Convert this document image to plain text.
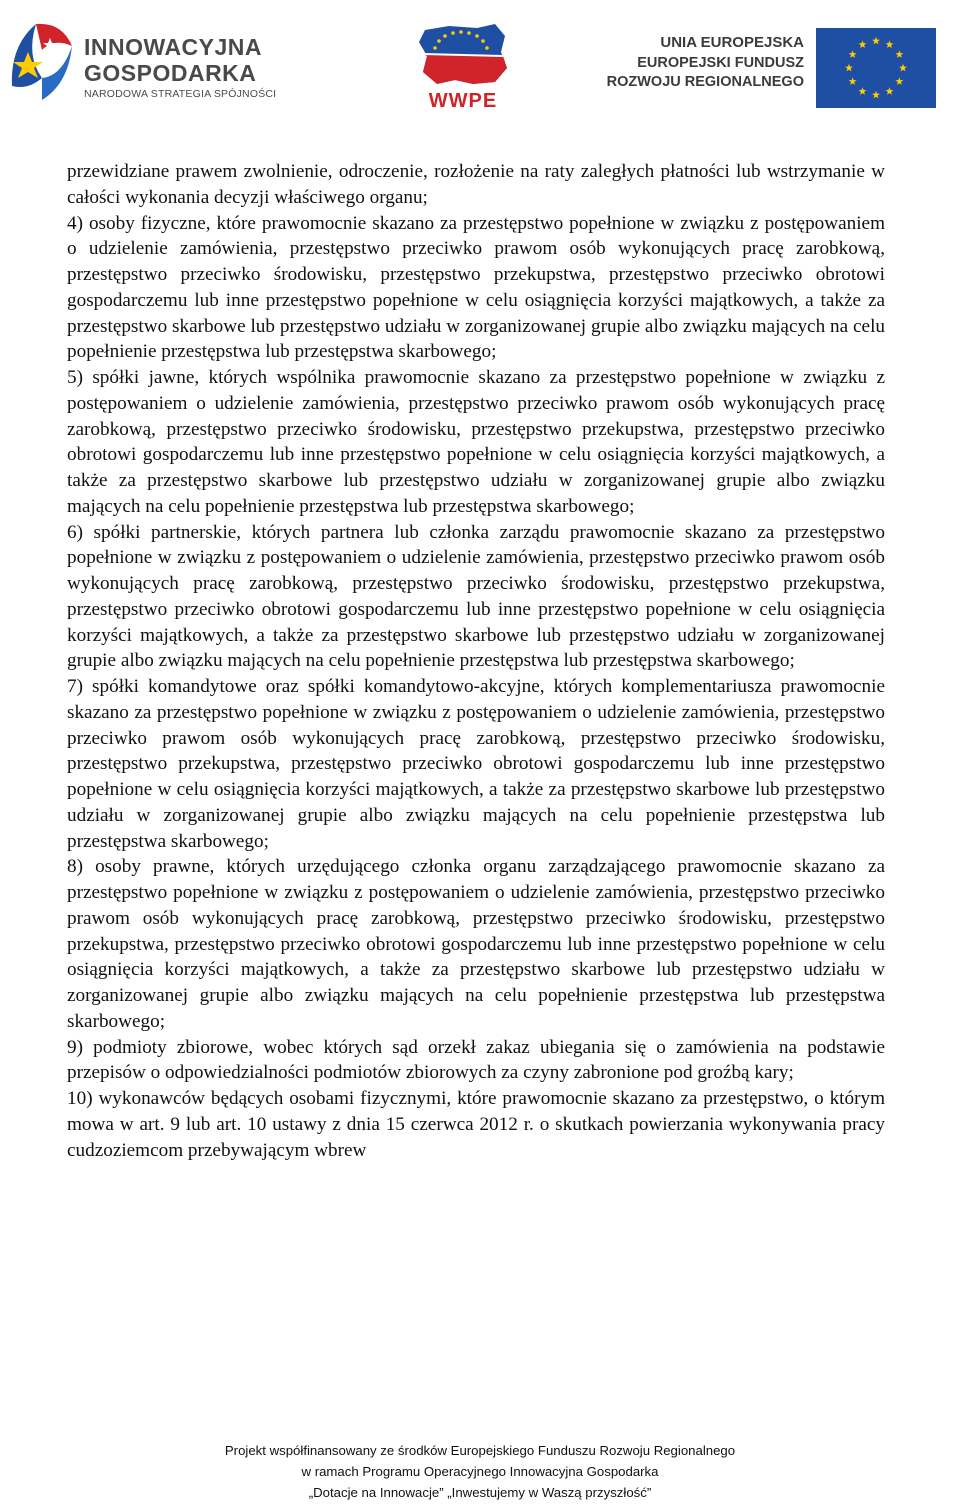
INNOWACYJNA
GOSPODARKA
NARODOWA STRATEGIA SPÓJNOŚCI	WWPE
UNIA EUROPEJSKA
EUROPEJSKI FUNDUSZ
ROZWOJU REGIONALNEGO

przewidziane prawem zwolnienie, odroczenie, rozłożenie na raty zaległych płatności lub wstrzymanie w całości wykonania decyzji właściwego organu;

4) osoby fizyczne, które prawomocnie skazano za przestępstwo popełnione w związku z postępowaniem o udzielenie zamówienia, przestępstwo przeciwko prawom osób wykonujących pracę zarobkową, przestępstwo przeciwko środowisku, przestępstwo przekupstwa, przestępstwo przeciwko obrotowi gospodarczemu lub inne przestępstwo popełnione w celu osiągnięcia korzyści majątkowych, a także za przestępstwo skarbowe lub przestępstwo udziału w zorganizowanej grupie albo związku mających na celu popełnienie przestępstwa lub przestępstwa skarbowego;

5) spółki jawne, których wspólnika prawomocnie skazano za przestępstwo popełnione w związku z postępowaniem o udzielenie zamówienia, przestępstwo przeciwko prawom osób wykonujących pracę zarobkową, przestępstwo przeciwko środowisku, przestępstwo przekupstwa, przestępstwo przeciwko obrotowi gospodarczemu lub inne przestępstwo popełnione w celu osiągnięcia korzyści majątkowych, a także za przestępstwo skarbowe lub przestępstwo udziału w zorganizowanej grupie albo związku mających na celu popełnienie przestępstwa lub przestępstwa skarbowego;

6) spółki partnerskie, których partnera lub członka zarządu prawomocnie skazano za przestępstwo popełnione w związku z postępowaniem o udzielenie zamówienia, przestępstwo przeciwko prawom osób wykonujących pracę zarobkową, przestępstwo przeciwko środowisku, przestępstwo przekupstwa, przestępstwo przeciwko obrotowi gospodarczemu lub inne przestępstwo popełnione w celu osiągnięcia korzyści majątkowych, a także za przestępstwo skarbowe lub przestępstwo udziału w zorganizowanej grupie albo związku mających na celu popełnienie przestępstwa lub przestępstwa skarbowego;

7) spółki komandytowe oraz spółki komandytowo-akcyjne, których komplementariusza prawomocnie skazano za przestępstwo popełnione w związku z postępowaniem o udzielenie zamówienia, przestępstwo przeciwko prawom osób wykonujących pracę zarobkową, przestępstwo przeciwko środowisku, przestępstwo przekupstwa, przestępstwo przeciwko obrotowi gospodarczemu lub inne przestępstwo popełnione w celu osiągnięcia korzyści majątkowych, a także za przestępstwo skarbowe lub przestępstwo udziału w zorganizowanej grupie albo związku mających na celu popełnienie przestępstwa lub przestępstwa skarbowego;

8) osoby prawne, których urzędującego członka organu zarządzającego prawomocnie skazano za przestępstwo popełnione w związku z postępowaniem o udzielenie zamówienia, przestępstwo przeciwko prawom osób wykonujących pracę zarobkową, przestępstwo przeciwko środowisku, przestępstwo przekupstwa, przestępstwo przeciwko obrotowi gospodarczemu lub inne przestępstwo popełnione w celu osiągnięcia korzyści majątkowych, a także za przestępstwo skarbowe lub przestępstwo udziału w zorganizowanej grupie albo związku mających na celu popełnienie przestępstwa lub przestępstwa skarbowego;

9) podmioty zbiorowe, wobec których sąd orzekł zakaz ubiegania się o zamówienia na podstawie przepisów o odpowiedzialności podmiotów zbiorowych za czyny zabronione pod groźbą kary;

10) wykonawców będących osobami fizycznymi, które prawomocnie skazano za przestępstwo, o którym mowa w art. 9 lub art. 10 ustawy z dnia 15 czerwca 2012 r. o skutkach powierzania wykonywania pracy cudzoziemcom przebywającym wbrew

Projekt współfinansowany ze środków Europejskiego Funduszu Rozwoju Regionalnego
w ramach Programu Operacyjnego Innowacyjna Gospodarka
„Dotacje na Innowacje” „Inwestujemy w Waszą przyszłość”
